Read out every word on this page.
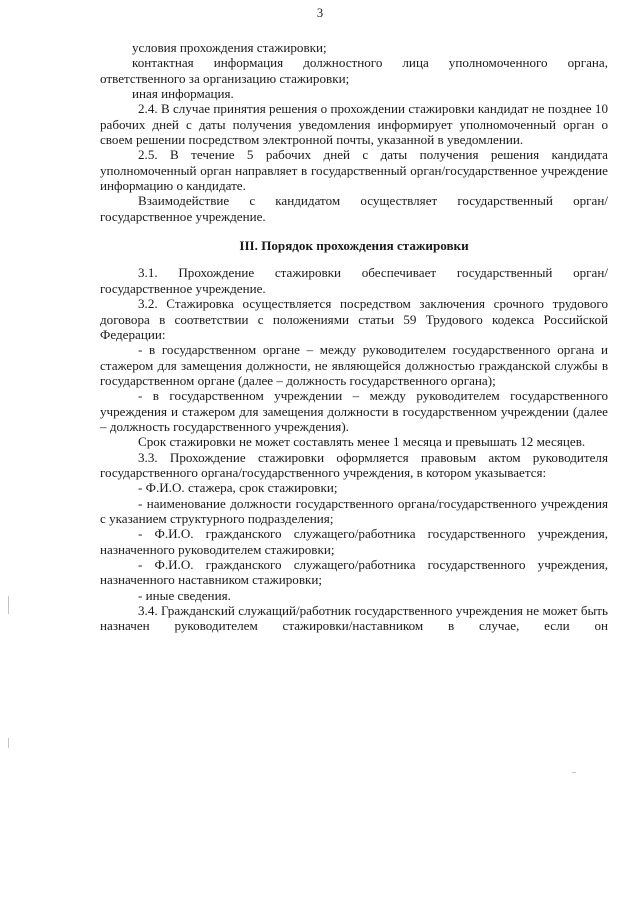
3

условия прохождения стажировки;

контактная информация должностного лица уполномоченного органа, ответственного за организацию стажировки;

иная информация.

2.4. В случае принятия решения о прохождении стажировки кандидат не позднее 10 рабочих дней с даты получения уведомления информирует уполномоченный орган о своем решении посредством электронной почты, указанной в уведомлении.

2.5. В течение 5 рабочих дней с даты получения решения кандидата уполномоченный орган направляет в государственный орган/государственное учреждение информацию о кандидате.

Взаимодействие с кандидатом осуществляет государственный орган/государственное учреждение.

III. Порядок прохождения стажировки

3.1. Прохождение стажировки обеспечивает государственный орган/государственное учреждение.

3.2. Стажировка осуществляется посредством заключения срочного трудового договора в соответствии с положениями статьи 59 Трудового кодекса Российской Федерации:

- в государственном органе – между руководителем государственного органа и стажером для замещения должности, не являющейся должностью гражданской службы в государственном органе (далее – должность государственного органа);

- в государственном учреждении – между руководителем государственного учреждения и стажером для замещения должности в государственном учреждении (далее – должность государственного учреждения).

Срок стажировки не может составлять менее 1 месяца и превышать 12 месяцев.

3.3. Прохождение стажировки оформляется правовым актом руководителя государственного органа/государственного учреждения, в котором указывается:

- Ф.И.О. стажера, срок стажировки;

- наименование должности государственного органа/государственного учреждения с указанием структурного подразделения;

- Ф.И.О. гражданского служащего/работника государственного учреждения, назначенного руководителем стажировки;

- Ф.И.О. гражданского служащего/работника государственного учреждения, назначенного наставником стажировки;

- иные сведения.

3.4. Гражданский служащий/работник государственного учреждения не может быть назначен руководителем стажировки/наставником в случае, если он
